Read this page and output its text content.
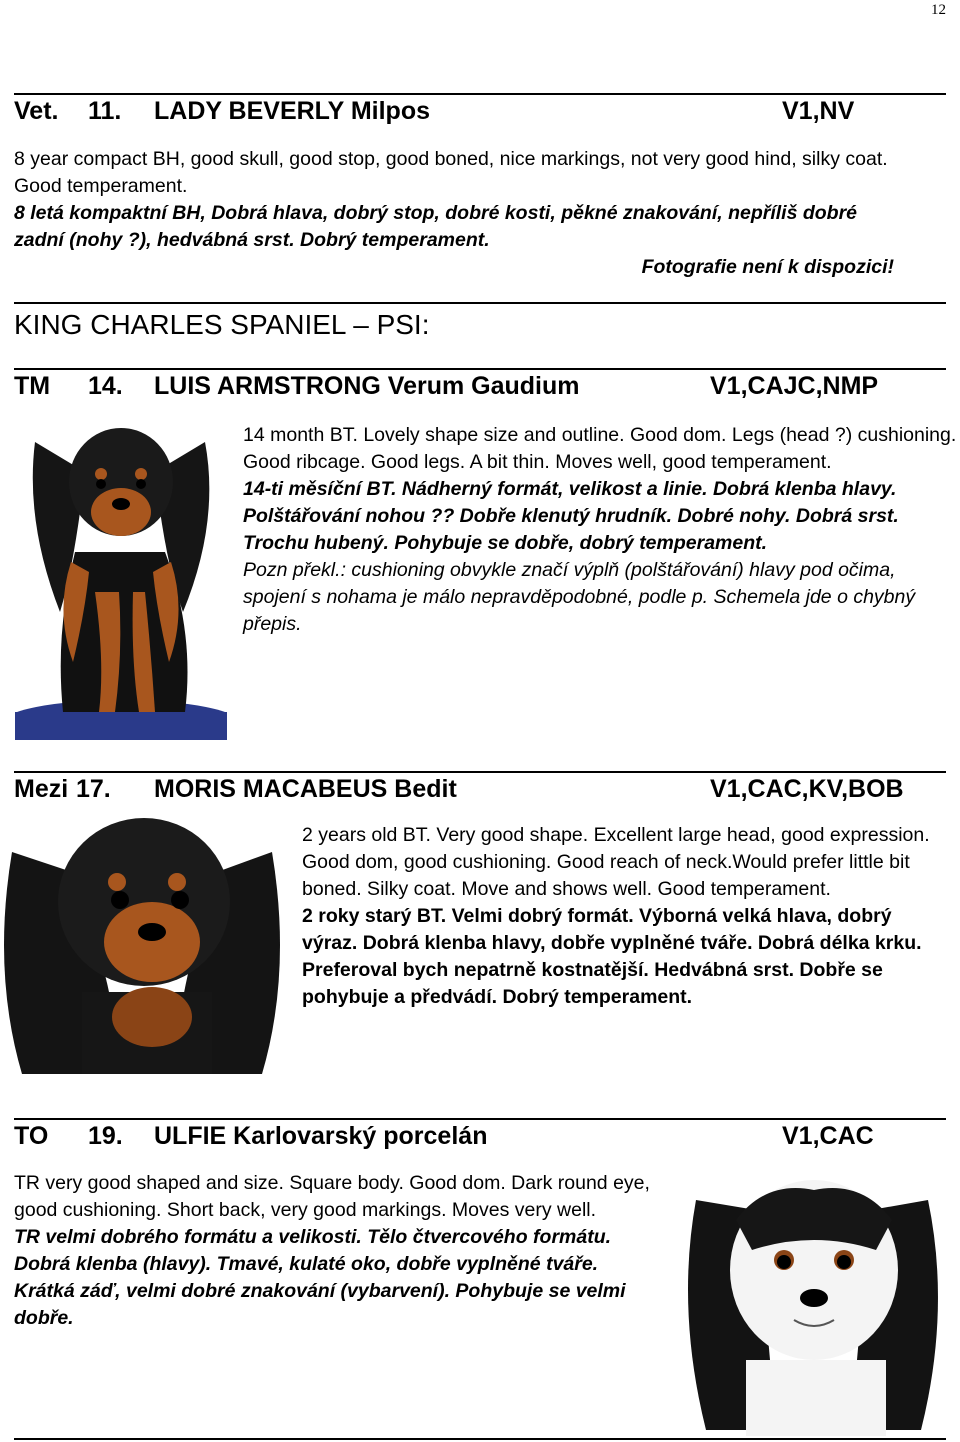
12
Vet. 11. LADY BEVERLY Milpos	V1,NV
8 year compact BH, good skull, good stop, good boned, nice markings, not very good hind, silky coat. Good temperament.
8 letá kompaktní BH, Dobrá hlava, dobrý stop, dobré kosti, pěkné znakování, nepříliš dobré zadní (nohy ?), hedvábná srst. Dobrý temperament.
Fotografie není k dispozici!
KING CHARLES SPANIEL – PSI:
TM 14. LUIS ARMSTRONG Verum Gaudium	V1,CAJC,NMP
14 month BT. Lovely shape size and outline. Good dom. Legs (head ?) cushioning. Good ribcage. Good legs. A bit thin. Moves well, good temperament.
14-ti měsíční BT. Nádherný formát, velikost a linie. Dobrá klenba hlavy. Polštářování nohou ?? Dobře klenutý hrudník. Dobré nohy. Dobrá srst. Trochu hubený. Pohybuje se dobře, dobrý temperament.
Pozn překl.: cushioning obvykle značí výplň (polštářování) hlavy pod očima, spojení s nohama je málo nepravděpodobné, podle p. Schemela jde o chybný přepis.
Mezi 17. MORIS MACABEUS Bedit	V1,CAC,KV,BOB
2 years old BT. Very good shape. Excellent large head, good expression. Good dom, good cushioning. Good reach of neck.Would prefer little bit boned. Silky coat. Move and shows well. Good temperament.
2 roky starý BT. Velmi dobrý formát. Výborná velká hlava, dobrý výraz. Dobrá klenba hlavy, dobře vyplněné tváře. Dobrá délka krku. Preferoval bych nepatrně kostnatější. Hedvábná srst. Dobře se pohybuje a předvádí. Dobrý temperament.
TO 19. ULFIE Karlovarský porcelán	V1,CAC
TR very good shaped and size. Square body. Good dom. Dark round eye, good cushioning. Short back, very good markings. Moves very well.
TR velmi dobrého formátu a velikosti. Tělo čtvercového formátu. Dobrá klenba (hlavy). Tmavé, kulaté oko, dobře vyplněné tváře. Krátká záď, velmi dobré znakování (vybarvení). Pohybuje se velmi dobře.
